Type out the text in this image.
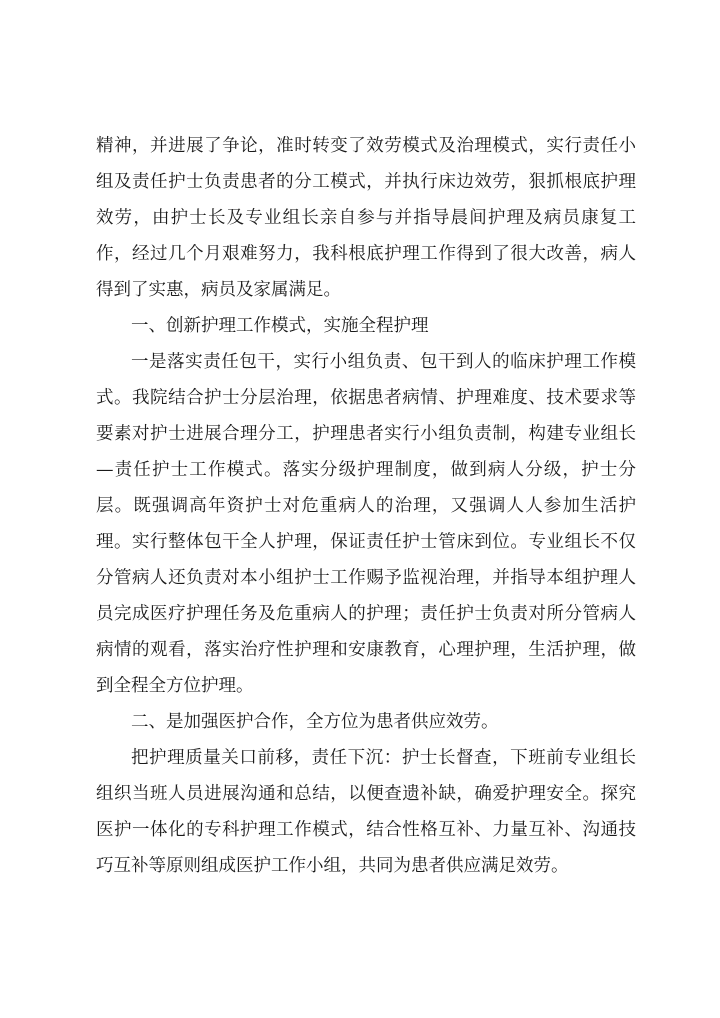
精神，并进展了争论，准时转变了效劳模式及治理模式，实行责任小组及责任护士负责患者的分工模式，并执行床边效劳，狠抓根底护理效劳，由护士长及专业组长亲自参与并指导晨间护理及病员康复工作，经过几个月艰难努力，我科根底护理工作得到了很大改善，病人得到了实惠，病员及家属满足。

一、创新护理工作模式，实施全程护理

一是落实责任包干，实行小组负责、包干到人的临床护理工作模式。我院结合护士分层治理，依据患者病情、护理难度、技术要求等要素对护士进展合理分工，护理患者实行小组负责制，构建专业组长—责任护士工作模式。落实分级护理制度，做到病人分级，护士分层。既强调高年资护士对危重病人的治理，又强调人人参加生活护理。实行整体包干全人护理，保证责任护士管床到位。专业组长不仅分管病人还负责对本小组护士工作赐予监视治理，并指导本组护理人员完成医疗护理任务及危重病人的护理；责任护士负责对所分管病人病情的观看，落实治疗性护理和安康教育，心理护理，生活护理，做到全程全方位护理。

二、是加强医护合作，全方位为患者供应效劳。

把护理质量关口前移，责任下沉：护士长督查，下班前专业组长组织当班人员进展沟通和总结，以便查遗补缺，确爱护理安全。探究医护一体化的专科护理工作模式，结合性格互补、力量互补、沟通技巧互补等原则组成医护工作小组，共同为患者供应满足效劳。
